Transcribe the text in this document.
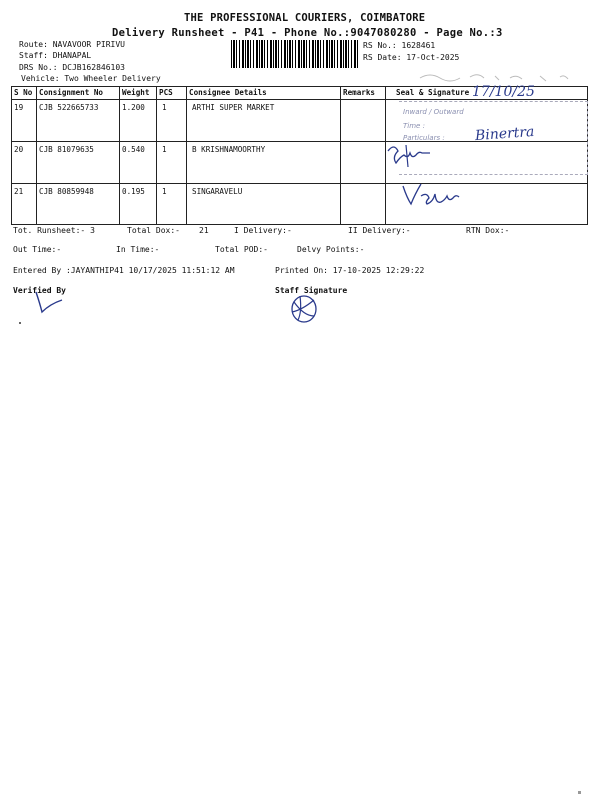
THE PROFESSIONAL COURIERS, COIMBATORE
Delivery Runsheet - P41 - Phone No.:9047080280 - Page No.:3
Route: NAVAVOOR PIRIVU
Staff: DHANAPAL
DRS No.: DCJB162846103
Vehicle: Two Wheeler Delivery
RS No.: 1628461
RS Date: 17-Oct-2025
S No	Consignment No	Weight	PCS	Consignee Details	Remarks	Seal & Signature
19	CJB 522665733	1.200	1	ARTHI SUPER MARKET		
20	CJB 81079635	0.540	1	B KRISHNAMOORTHY		
21	CJB 80859948	0.195	1	SINGARAVELU		
Inward / Outward
Time :
Particulars : Binertra
17/10/25
Tot. Runsheet:- 3	Total Dox:- 21	I Delivery:-	II Delivery:-	RTN Dox:-
Out Time:-	In Time:-	Total POD:-	Delvy Points:-
Entered By :JAYANTHIP41 10/17/2025 11:51:12 AM	Printed On: 17-10-2025 12:29:22
Verified By	Staff Signature
